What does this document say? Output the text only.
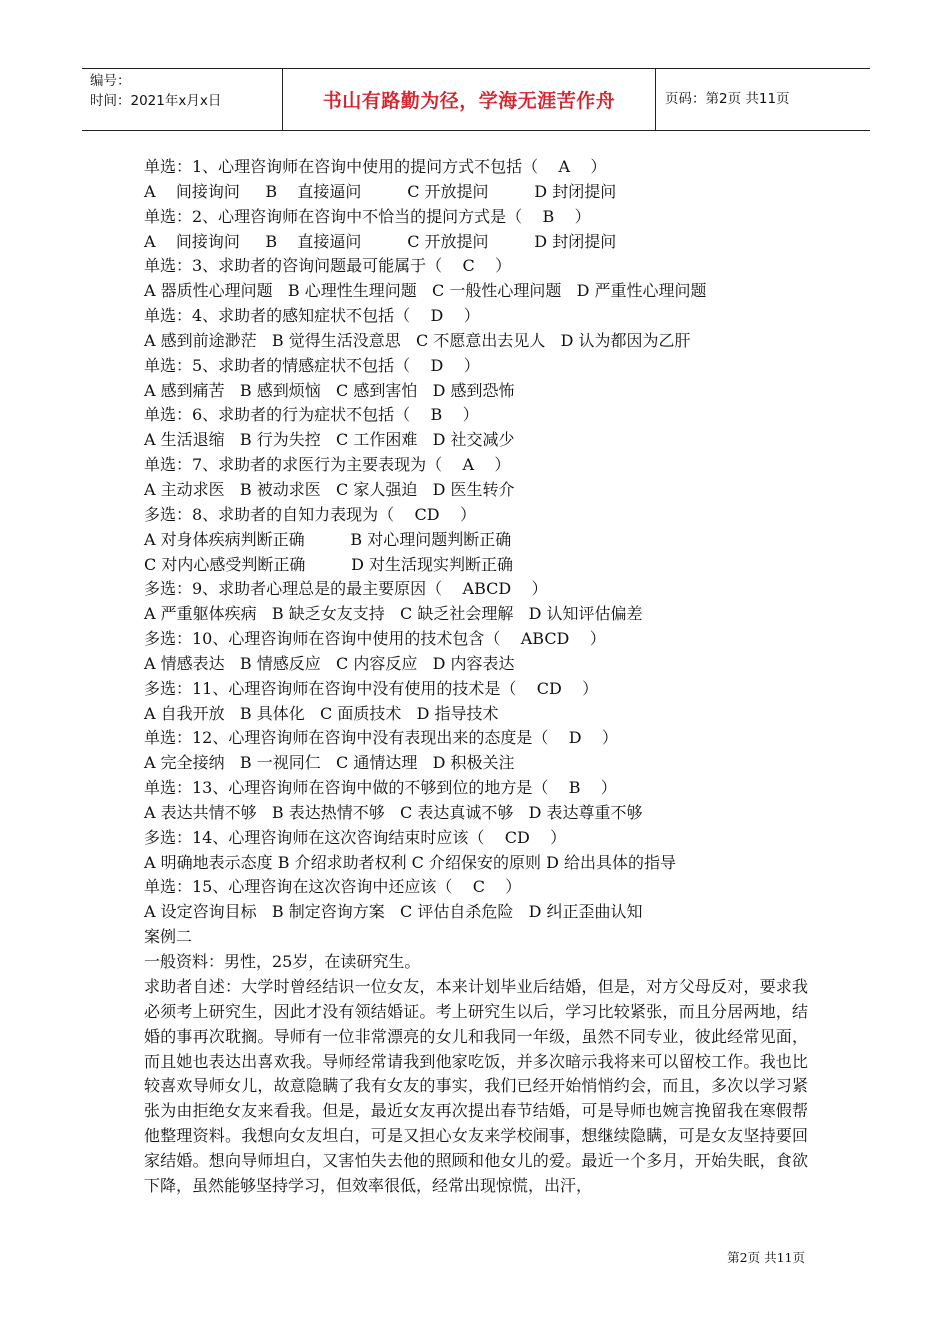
编号：
时间：2021年x月x日	书山有路勤为径，学海无涯苦作舟	页码：第2页 共11页
单选：1、心理咨询师在咨询中使用的提问方式不包括（    A    ）
A    间接询问     B    直接逼问         C 开放提问         D 封闭提问
单选：2、心理咨询师在咨询中不恰当的提问方式是（    B    ）
A    间接询问     B    直接逼问         C 开放提问         D 封闭提问
单选：3、求助者的咨询问题最可能属于（    C    ）
A 器质性心理问题   B 心理性生理问题   C 一般性心理问题   D 严重性心理问题
单选：4、求助者的感知症状不包括（    D    ）
A 感到前途渺茫   B 觉得生活没意思   C 不愿意出去见人   D 认为都因为乙肝
单选：5、求助者的情感症状不包括（    D    ）
A 感到痛苦   B 感到烦恼   C 感到害怕   D 感到恐怖
单选：6、求助者的行为症状不包括（    B    ）
A 生活退缩   B 行为失控   C 工作困难   D 社交减少
单选：7、求助者的求医行为主要表现为（    A    ）
A 主动求医   B 被动求医   C 家人强迫   D 医生转介
多选：8、求助者的自知力表现为（    CD    ）
A 对身体疾病判断正确         B 对心理问题判断正确
C 对内心感受判断正确         D 对生活现实判断正确
多选：9、求助者心理总是的最主要原因（    ABCD    ）
A 严重躯体疾病   B 缺乏女友支持   C 缺乏社会理解   D 认知评估偏差
多选：10、心理咨询师在咨询中使用的技术包含（    ABCD    ）
A 情感表达   B 情感反应   C 内容反应   D 内容表达
多选：11、心理咨询师在咨询中没有使用的技术是（    CD    ）
A 自我开放   B 具体化   C 面质技术   D 指导技术
单选：12、心理咨询师在咨询中没有表现出来的态度是（    D    ）
A 完全接纳   B 一视同仁   C 通情达理   D 积极关注
单选：13、心理咨询师在咨询中做的不够到位的地方是（    B    ）
A 表达共情不够   B 表达热情不够   C 表达真诚不够   D 表达尊重不够
多选：14、心理咨询师在这次咨询结束时应该（    CD    ）
A 明确地表示态度 B 介绍求助者权利 C 介绍保安的原则 D 给出具体的指导
单选：15、心理咨询在这次咨询中还应该（    C    ）
A 设定咨询目标   B 制定咨询方案   C 评估自杀危险   D 纠正歪曲认知
案例二
一般资料：男性，25岁，在读研究生。
求助者自述：大学时曾经结识一位女友，本来计划毕业后结婚，但是，对方父母反对，要求我必须考上研究生，因此才没有领结婚证。考上研究生以后，学习比较紧张，而且分居两地，结婚的事再次耽搁。导师有一位非常漂亮的女儿和我同一年级，虽然不同专业，彼此经常见面，而且她也表达出喜欢我。导师经常请我到他家吃饭，并多次暗示我将来可以留校工作。我也比较喜欢导师女儿，故意隐瞒了我有女友的事实，我们已经开始悄悄约会，而且，多次以学习紧张为由拒绝女友来看我。但是，最近女友再次提出春节结婚，可是导师也婉言挽留我在寒假帮他整理资料。我想向女友坦白，可是又担心女友来学校闹事，想继续隐瞒，可是女友坚持要回家结婚。想向导师坦白，又害怕失去他的照顾和他女儿的爱。最近一个多月，开始失眠，食欲下降，虽然能够坚持学习，但效率很低，经常出现惊慌，出汗，
第2页 共11页
